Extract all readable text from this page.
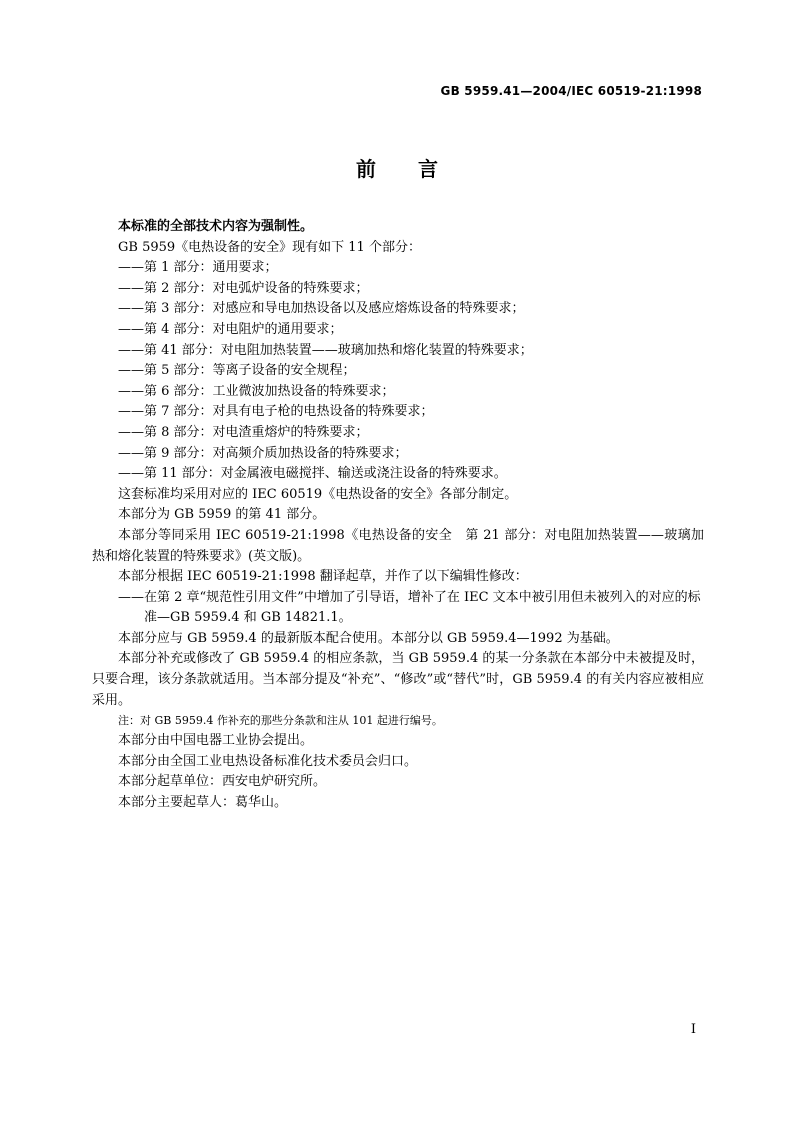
GB 5959.41—2004/IEC 60519-21:1998
前言

本标准的全部技术内容为强制性。

GB 5959《电热设备的安全》现有如下 11 个部分：

——第 1 部分：通用要求；

——第 2 部分：对电弧炉设备的特殊要求；

——第 3 部分：对感应和导电加热设备以及感应熔炼设备的特殊要求；

——第 4 部分：对电阻炉的通用要求；

——第 41 部分：对电阻加热装置——玻璃加热和熔化装置的特殊要求；

——第 5 部分：等离子设备的安全规程；

——第 6 部分：工业微波加热设备的特殊要求；

——第 7 部分：对具有电子枪的电热设备的特殊要求；

——第 8 部分：对电渣重熔炉的特殊要求；

——第 9 部分：对高频介质加热设备的特殊要求；

——第 11 部分：对金属液电磁搅拌、输送或浇注设备的特殊要求。

这套标准均采用对应的 IEC 60519《电热设备的安全》各部分制定。

本部分为 GB 5959 的第 41 部分。

本部分等同采用 IEC 60519-21:1998《电热设备的安全　第 21 部分：对电阻加热装置——玻璃加热和熔化装置的特殊要求》(英文版)。

本部分根据 IEC 60519-21:1998 翻译起草，并作了以下编辑性修改：

——在第 2 章“规范性引用文件”中增加了引导语，增补了在 IEC 文本中被引用但未被列入的对应的标准—GB 5959.4 和 GB 14821.1。

本部分应与 GB 5959.4 的最新版本配合使用。本部分以 GB 5959.4—1992 为基础。

本部分补充或修改了 GB 5959.4 的相应条款，当 GB 5959.4 的某一分条款在本部分中未被提及时，只要合理，该分条款就适用。当本部分提及“补充”、“修改”或“替代”时，GB 5959.4 的有关内容应被相应采用。

注：对 GB 5959.4 作补充的那些分条款和注从 101 起进行编号。

本部分由中国电器工业协会提出。

本部分由全国工业电热设备标准化技术委员会归口。

本部分起草单位：西安电炉研究所。

本部分主要起草人：葛华山。

I
